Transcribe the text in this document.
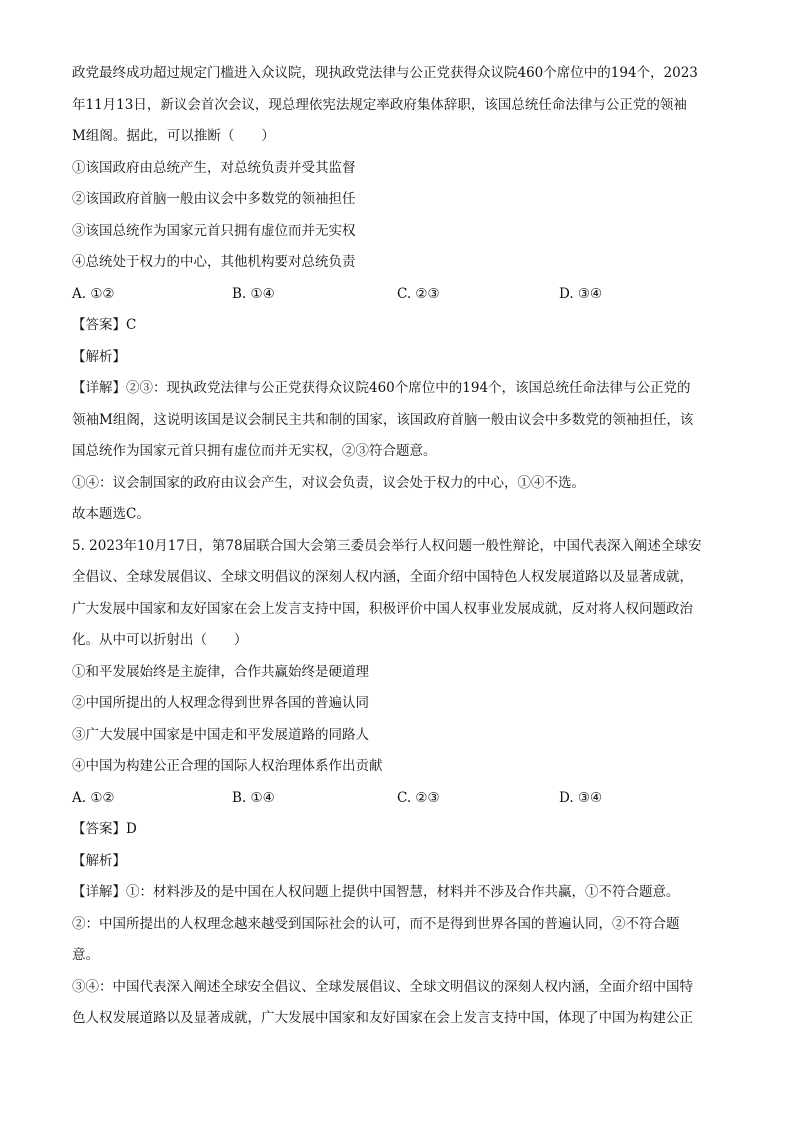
政党最终成功超过规定门槛进入众议院，现执政党法律与公正党获得众议院460个席位中的194个，2023
年11月13日，新议会首次会议，现总理依宪法规定率政府集体辞职，该国总统任命法律与公正党的领袖
M组阁。据此，可以推断（　　）
①该国政府由总统产生，对总统负责并受其监督
②该国政府首脑一般由议会中多数党的领袖担任
③该国总统作为国家元首只拥有虚位而并无实权
④总统处于权力的中心，其他机构要对总统负责
A. ①②	B. ①④	C. ②③	D. ③④
【答案】C
【解析】
【详解】②③：现执政党法律与公正党获得众议院460个席位中的194个，该国总统任命法律与公正党的
领袖M组阁，这说明该国是议会制民主共和制的国家，该国政府首脑一般由议会中多数党的领袖担任，该
国总统作为国家元首只拥有虚位而并无实权，②③符合题意。
①④：议会制国家的政府由议会产生，对议会负责，议会处于权力的中心，①④不选。
故本题选C。
5. 2023年10月17日，第78届联合国大会第三委员会举行人权问题一般性辩论，中国代表深入阐述全球安
全倡议、全球发展倡议、全球文明倡议的深刻人权内涵，全面介绍中国特色人权发展道路以及显著成就，
广大发展中国家和友好国家在会上发言支持中国，积极评价中国人权事业发展成就，反对将人权问题政治
化。从中可以折射出（　　）
①和平发展始终是主旋律，合作共赢始终是硬道理
②中国所提出的人权理念得到世界各国的普遍认同
③广大发展中国家是中国走和平发展道路的同路人
④中国为构建公正合理的国际人权治理体系作出贡献
A. ①②	B. ①④	C. ②③	D. ③④
【答案】D
【解析】
【详解】①：材料涉及的是中国在人权问题上提供中国智慧，材料并不涉及合作共赢，①不符合题意。
②：中国所提出的人权理念越来越受到国际社会的认可，而不是得到世界各国的普遍认同，②不符合题
意。
③④：中国代表深入阐述全球安全倡议、全球发展倡议、全球文明倡议的深刻人权内涵，全面介绍中国特
色人权发展道路以及显著成就，广大发展中国家和友好国家在会上发言支持中国，体现了中国为构建公正
